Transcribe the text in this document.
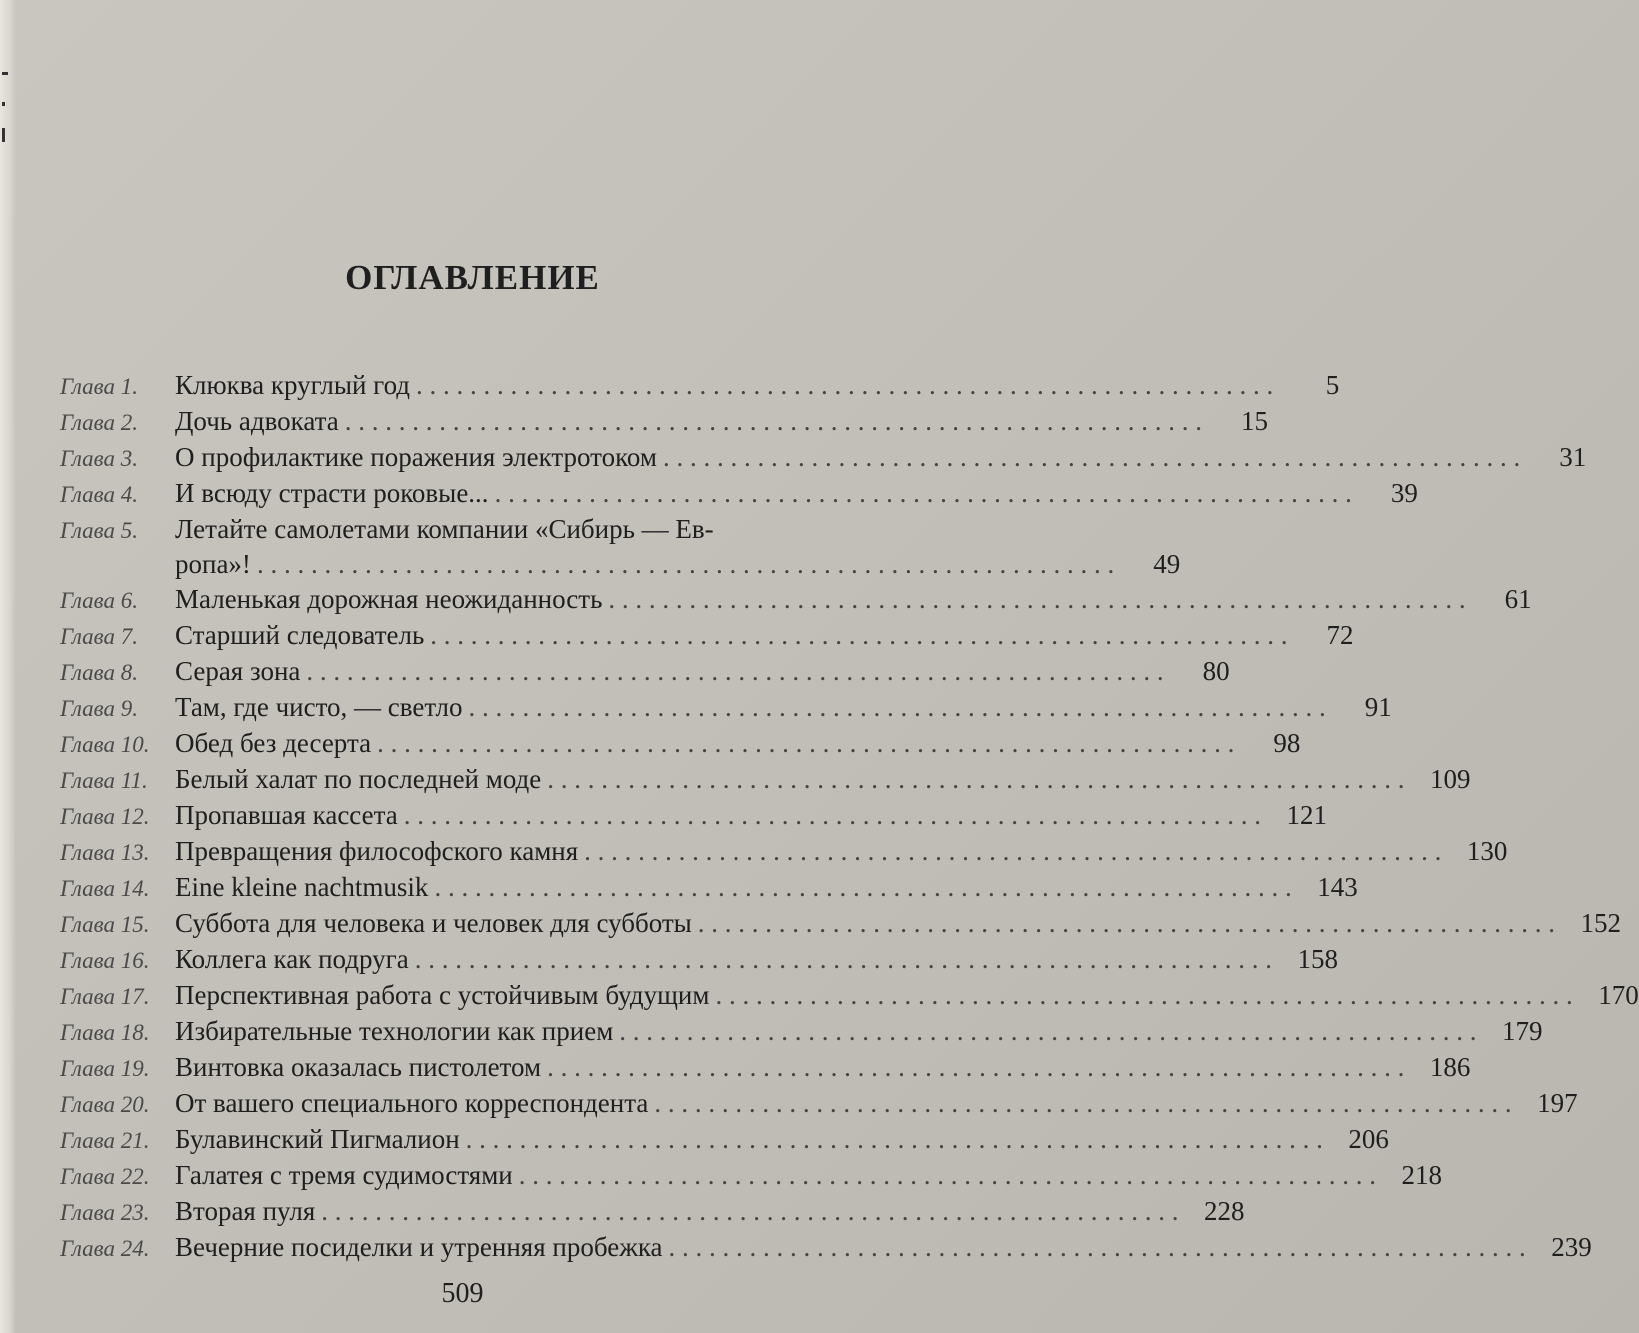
ОГЛАВЛЕНИЕ
Глава 1.	Клюква круглый год . . .	5
Глава 2.	Дочь адвоката . . .	15
Глава 3.	О профилактике поражения электротоком . . .	31
Глава 4.	И всюду страсти роковые... . . .	39
Глава 5.	Летайте самолетами компании «Сибирь — Ев-
ропа»! . . .	49
Глава 6.	Маленькая дорожная неожиданность . . .	61
Глава 7.	Старший следователь . . .	72
Глава 8.	Серая зона . . .	80
Глава 9.	Там, где чисто, — светло . . .	91
Глава 10. Обед без десерта . . .	98
Глава 11.	Белый халат по последней моде . . .	109
Глава 12. Пропавшая кассета . . .	121
Глава 13. Превращения философского камня . . .	130
Глава 14. Eine kleine nachtmusik . . .	143
Глава 15. Суббота для человека и человек для субботы . . .	152
Глава 16. Коллега как подруга . . .	158
Глава 17. Перспективная работа с устойчивым будущим . . .	170
Глава 18. Избирательные технологии как прием . . .	179
Глава 19. Винтовка оказалась пистолетом . . .	186
Глава 20. От вашего специального корреспондента . . .	197
Глава 21. Булавинский Пигмалион . . .	206
Глава 22. Галатея с тремя судимостями . . .	218
Глава 23. Вторая пуля . . .	228
Глава 24. Вечерние посиделки и утренняя пробежка . . .	239
509
